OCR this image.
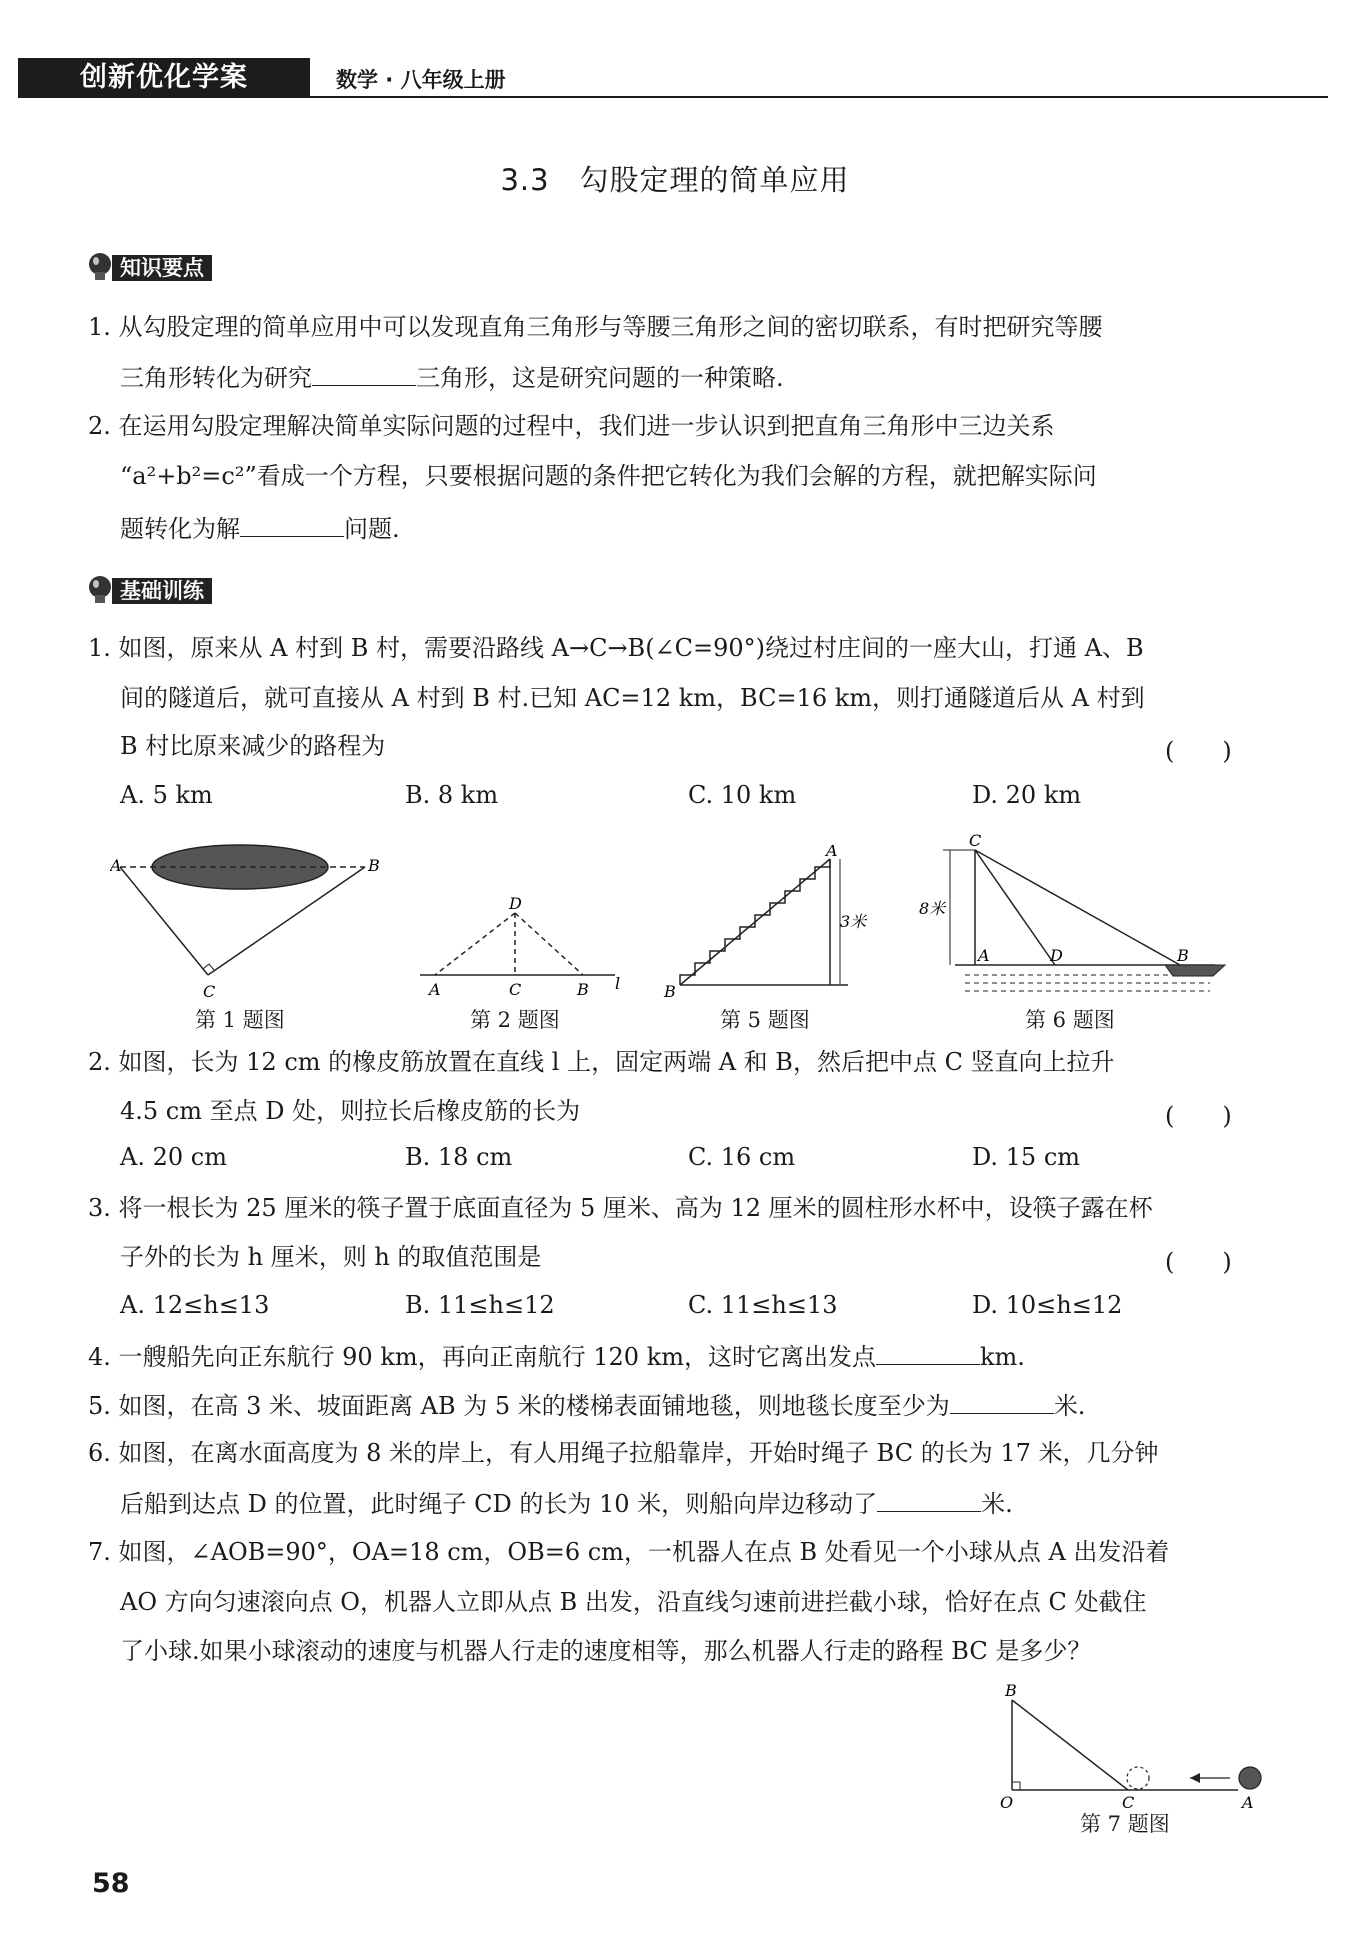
创新优化学案	数学 · 八年级上册
3.3　勾股定理的简单应用
知识要点
1. 从勾股定理的简单应用中可以发现直角三角形与等腰三角形之间的密切联系，有时把研究等腰
三角形转化为研究	三角形，这是研究问题的一种策略.
2. 在运用勾股定理解决简单实际问题的过程中，我们进一步认识到把直角三角形中三边关系
“a²+b²=c²”看成一个方程，只要根据问题的条件把它转化为我们会解的方程，就把解实际问
题转化为解	问题.
基础训练
1. 如图，原来从 A 村到 B 村，需要沿路线 A→C→B(∠C=90°)绕过村庄间的一座大山，打通 A、B
间的隧道后，就可直接从 A 村到 B 村.已知 AC=12 km，BC=16 km，则打通隧道后从 A 村到
B 村比原来减少的路程为	(　　)
A. 5 km	B. 8 km	C. 10 km	D. 20 km
A	B
C
D
A	C	B l
A
B
3米
C
8米
A	D	B
第 1 题图	第 2 题图	第 5 题图	第 6 题图
2. 如图，长为 12 cm 的橡皮筋放置在直线 l 上，固定两端 A 和 B，然后把中点 C 竖直向上拉升
4.5 cm 至点 D 处，则拉长后橡皮筋的长为	(　　)
A. 20 cm	B. 18 cm	C. 16 cm	D. 15 cm
3. 将一根长为 25 厘米的筷子置于底面直径为 5 厘米、高为 12 厘米的圆柱形水杯中，设筷子露在杯
子外的长为 h 厘米，则 h 的取值范围是	(　　)
A. 12≤h≤13	B. 11≤h≤12	C. 11≤h≤13	D. 10≤h≤12
4. 一艘船先向正东航行 90 km，再向正南航行 120 km，这时它离出发点	km.
5. 如图，在高 3 米、坡面距离 AB 为 5 米的楼梯表面铺地毯，则地毯长度至少为	米.
6. 如图，在离水面高度为 8 米的岸上，有人用绳子拉船靠岸，开始时绳子 BC 的长为 17 米，几分钟
后船到达点 D 的位置，此时绳子 CD 的长为 10 米，则船向岸边移动了	米.
7. 如图，∠AOB=90°，OA=18 cm，OB=6 cm，一机器人在点 B 处看见一个小球从点 A 出发沿着
AO 方向匀速滚向点 O，机器人立即从点 B 出发，沿直线匀速前进拦截小球，恰好在点 C 处截住
了小球.如果小球滚动的速度与机器人行走的速度相等，那么机器人行走的路程 BC 是多少？
B
O	C	A
第 7 题图
58
